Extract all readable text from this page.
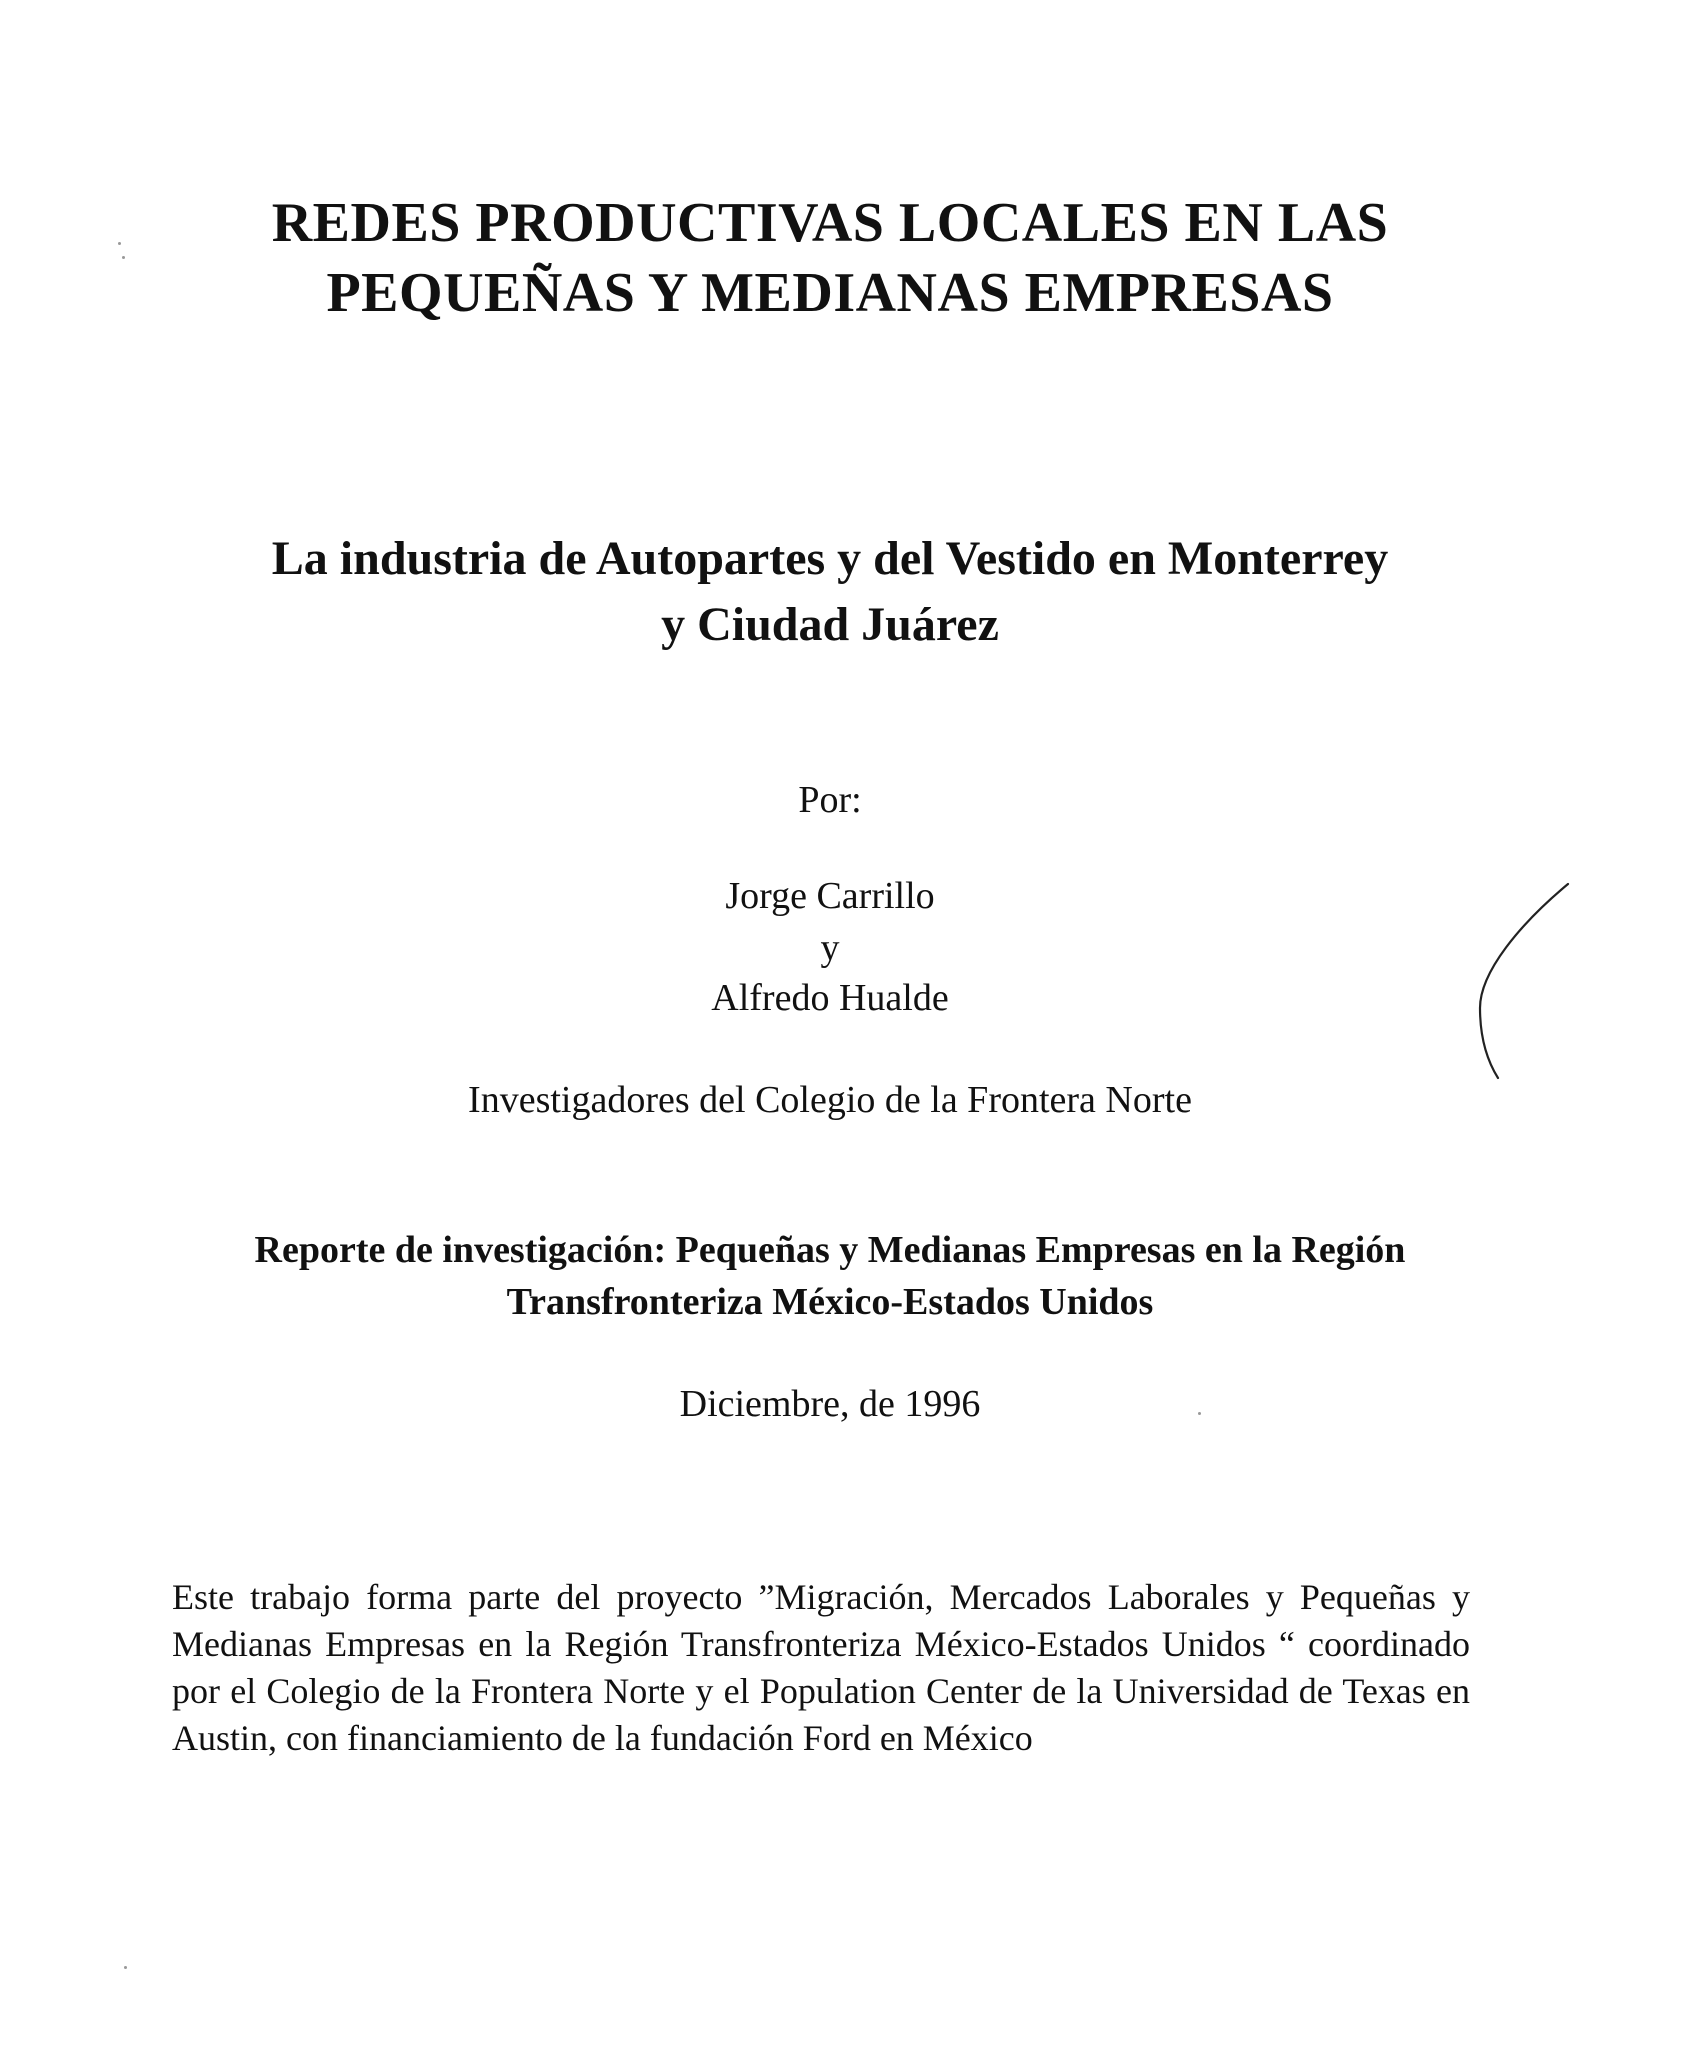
REDES PRODUCTIVAS LOCALES EN LAS
PEQUEÑAS Y MEDIANAS EMPRESAS
La industria de Autopartes y del Vestido en Monterrey
y Ciudad Juárez
Por:
Jorge Carrillo
y
Alfredo Hualde
Investigadores del Colegio de la Frontera Norte
Reporte de investigación: Pequeñas y Medianas Empresas en la Región
Transfronteriza México-Estados Unidos
Diciembre, de 1996

Este trabajo forma parte del proyecto ”Migración, Mercados Laborales y Pequeñas y Medianas Empresas en la Región Transfronteriza México-Estados Unidos “ coordinado por el Colegio de la Frontera Norte y el Population Center de la Universidad de Texas en Austin, con financiamiento de la fundación Ford en México
